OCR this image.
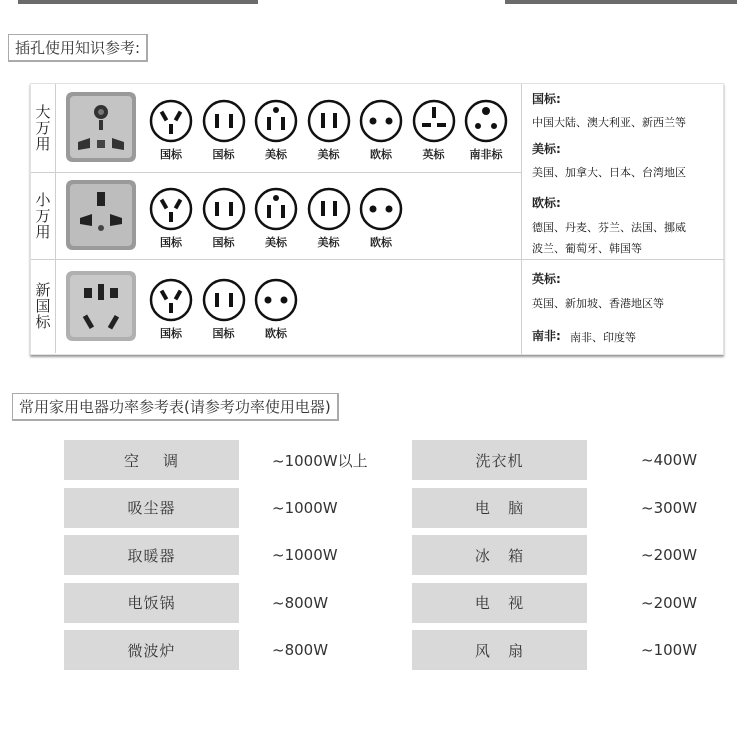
插孔使用知识参考:
大万用
国标	国标	美标	美标	欧标	英标	南非标
小万用
国标	国标	美标	美标	欧标
新国标
国标	国标	欧标
国标:
中国大陆、澳大利亚、新西兰等
美标:
美国、加拿大、日本、台湾地区
欧标:
德国、丹麦、芬兰、法国、挪威
波兰、葡萄牙、韩国等
英标:
英国、新加坡、香港地区等
南非: 南非、印度等
常用家用电器功率参考表(请参考功率使用电器)
空    调	~1000W以上	洗衣机	~400W
吸尘器	~1000W	电   脑	~300W
取暖器	~1000W	冰   箱	~200W
电饭锅	~800W	电   视	~200W
微波炉	~800W	风   扇	~100W
